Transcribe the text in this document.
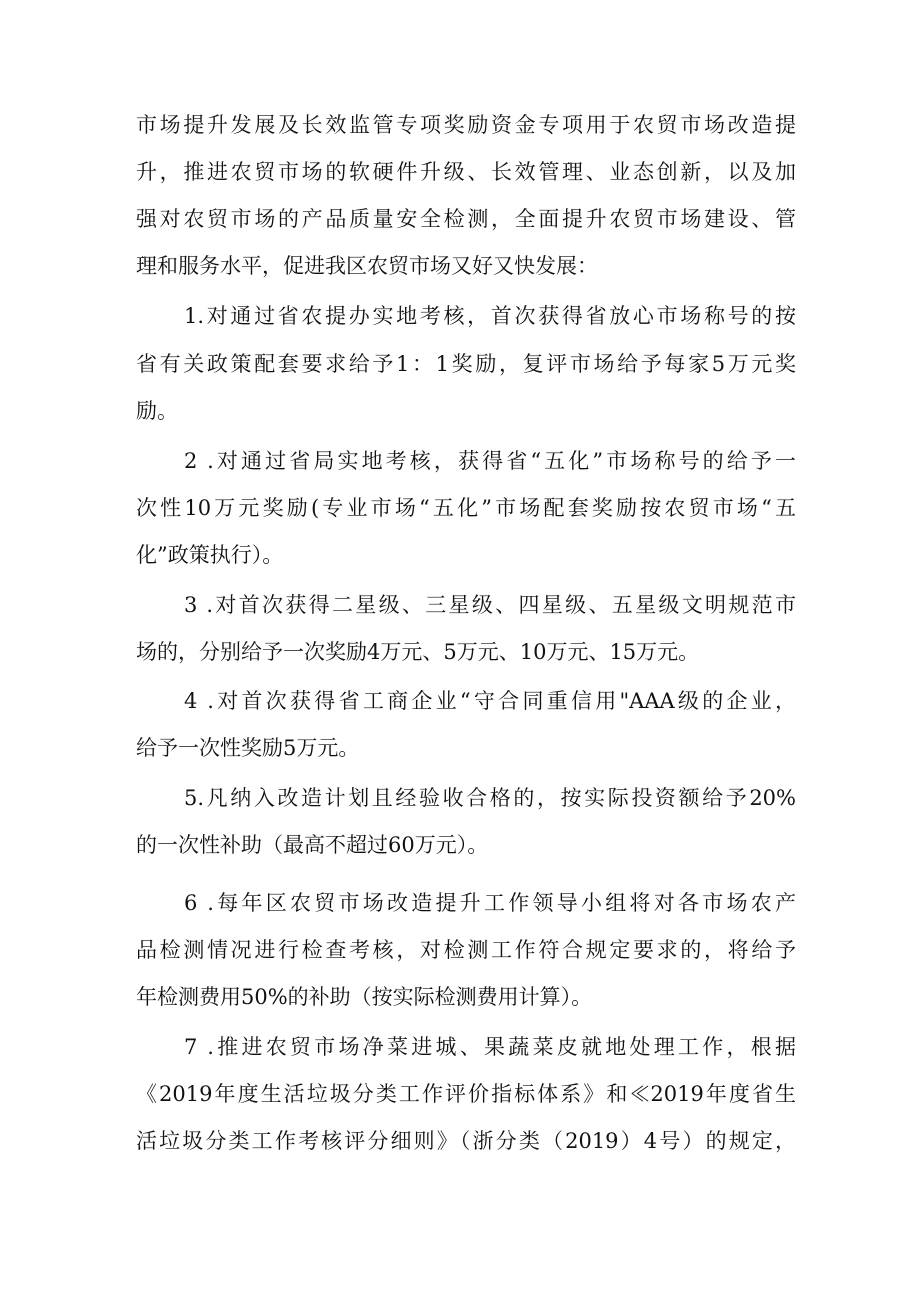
市场提升发展及长效监管专项奖励资金专项用于农贸市场改造提
升，推进农贸市场的软硬件升级、长效管理、业态创新，以及加
强对农贸市场的产品质量安全检测，全面提升农贸市场建设、管
理和服务水平，促进我区农贸市场又好又快发展：
1.对通过省农提办实地考核，首次获得省放心市场称号的按
省有关政策配套要求给予1：1奖励，复评市场给予每家5万元奖
励。
2 .对通过省局实地考核，获得省“五化”市场称号的给予一
次性10万元奖励(专业市场“五化”市场配套奖励按农贸市场“五
化”政策执行）。
3 .对首次获得二星级、三星级、四星级、五星级文明规范市
场的，分别给予一次奖励4万元、5万元、10万元、15万元。
4 .对首次获得省工商企业“守合同重信用"AAA级的企业，
给予一次性奖励5万元。
5.凡纳入改造计划且经验收合格的，按实际投资额给予20%
的一次性补助（最高不超过60万元）。
6 .每年区农贸市场改造提升工作领导小组将对各市场农产
品检测情况进行检查考核，对检测工作符合规定要求的，将给予
年检测费用50%的补助（按实际检测费用计算）。
7 .推进农贸市场净菜进城、果蔬菜皮就地处理工作，根据
《2019年度生活垃圾分类工作评价指标体系》和≪2019年度省生
活垃圾分类工作考核评分细则》（浙分类（2019）4号）的规定，
